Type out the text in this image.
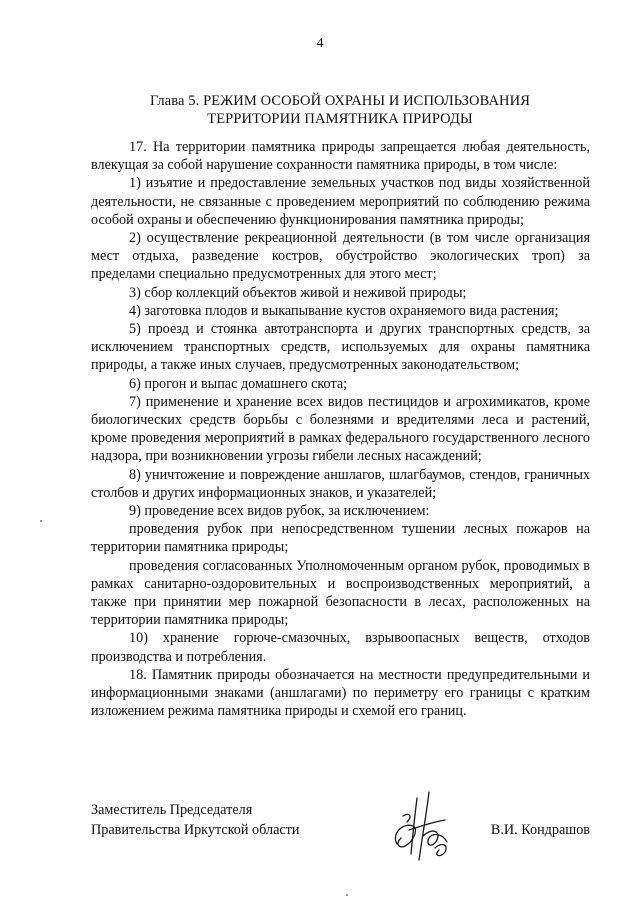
4
Глава 5. РЕЖИМ ОСОБОЙ ОХРАНЫ И ИСПОЛЬЗОВАНИЯ
ТЕРРИТОРИИ ПАМЯТНИКА ПРИРОДЫ

17. На территории памятника природы запрещается любая деятельность, влекущая за собой нарушение сохранности памятника природы, в том числе:

1) изъятие и предоставление земельных участков под виды хозяйственной деятельности, не связанные с проведением мероприятий по соблюдению режима особой охраны и обеспечению функционирования памятника природы;

2) осуществление рекреационной деятельности (в том числе организация мест отдыха, разведение костров, обустройство экологических троп) за пределами специально предусмотренных для этого мест;

3) сбор коллекций объектов живой и неживой природы;

4) заготовка плодов и выкапывание кустов охраняемого вида растения;

5) проезд и стоянка автотранспорта и других транспортных средств, за исключением транспортных средств, используемых для охраны памятника природы, а также иных случаев, предусмотренных законодательством;

6) прогон и выпас домашнего скота;

7) применение и хранение всех видов пестицидов и агрохимикатов, кроме биологических средств борьбы с болезнями и вредителями леса и растений, кроме проведения мероприятий в рамках федерального государственного лесного надзора, при возникновении угрозы гибели лесных насаждений;

8) уничтожение и повреждение аншлагов, шлагбаумов, стендов, граничных столбов и других информационных знаков, и указателей;

9) проведение всех видов рубок, за исключением:

проведения рубок при непосредственном тушении лесных пожаров на территории памятника природы;

проведения согласованных Уполномоченным органом рубок, проводимых в рамках санитарно-оздоровительных и воспроизводственных мероприятий, а также при принятии мер пожарной безопасности в лесах, расположенных на территории памятника природы;

10) хранение горюче-смазочных, взрывоопасных веществ, отходов производства и потребления.

18. Памятник природы обозначается на местности предупредительными и информационными знаками (аншлагами) по периметру его границы с кратким изложением режима памятника природы и схемой его границ.

Заместитель Председателя
Правительства Иркутской области	В.И. Кондрашов
